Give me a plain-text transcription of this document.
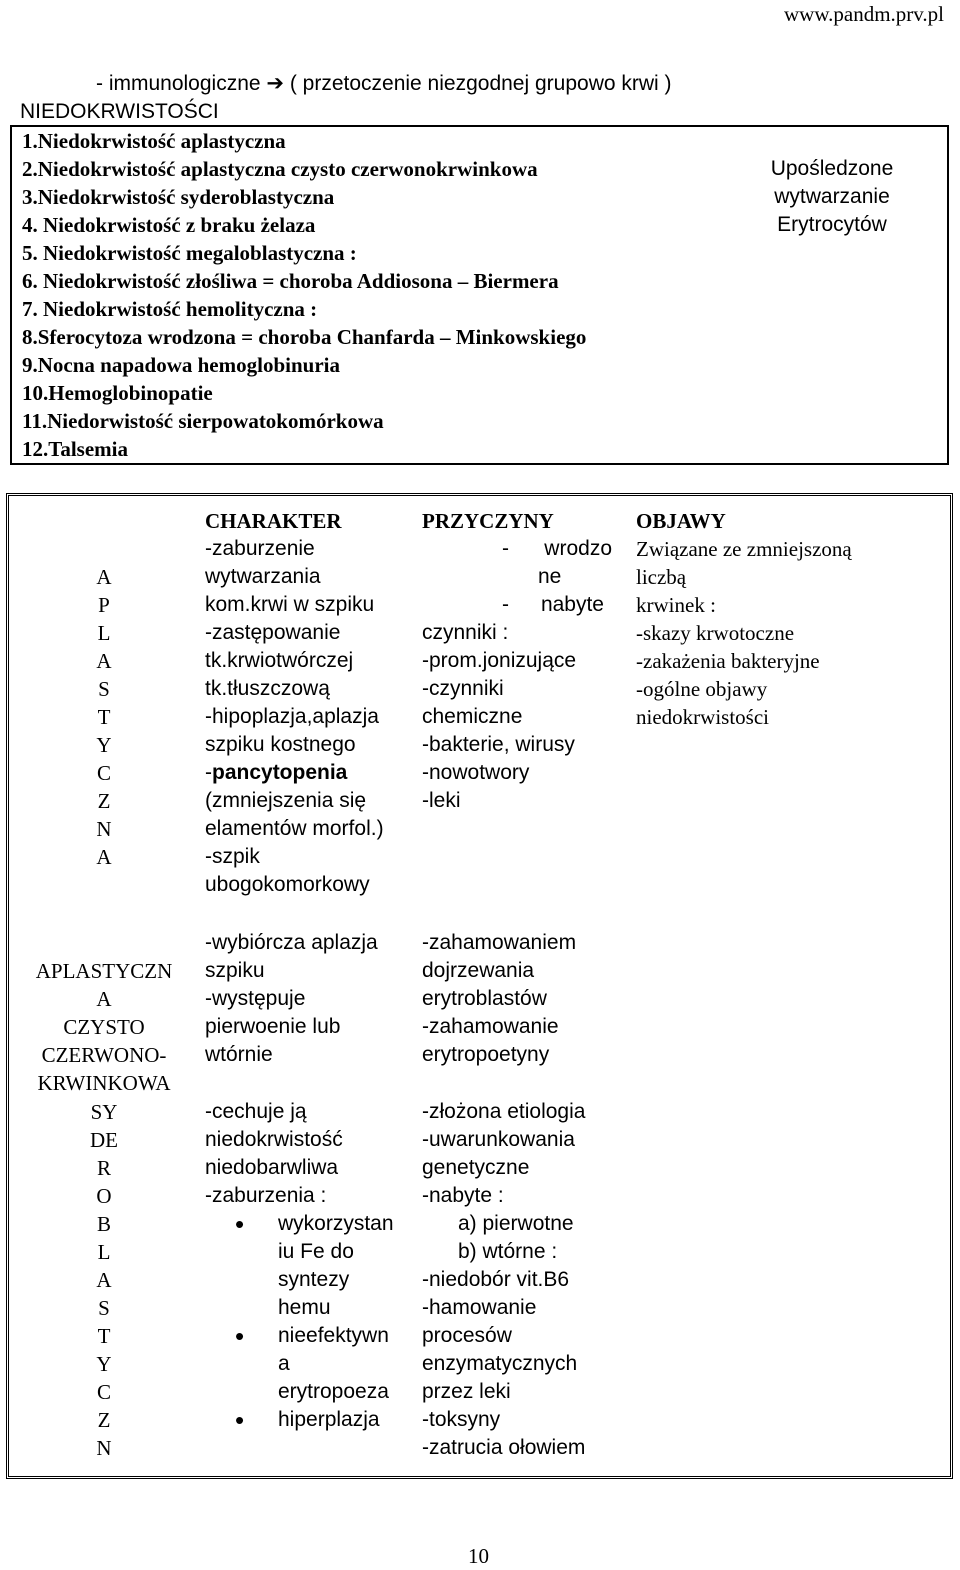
www.pandm.prv.pl
- immunologiczne ➔ ( przetoczenie niezgodnej grupowo krwi )
NIEDOKRWISTOŚCI
1.Niedokrwistość aplastyczna
2.Niedokrwistość aplastyczna czysto czerwonokrwinkowa
3.Niedokrwistość syderoblastyczna
4. Niedokrwistość z braku żelaza
5. Niedokrwistość megaloblastyczna :
6. Niedokrwistość złośliwa = choroba Addiosona – Biermera
7. Niedokrwistość hemolityczna :
8.Sferocytoza wrodzona = choroba Chanfarda – Minkowskiego
9.Nocna napadowa hemoglobinuria
10.Hemoglobinopatie
11.Niedorwistość sierpowatokomórkowa
12.Talsemia
Upośledzone
wytwarzanie
Erytrocytów
CHARAKTER	PRZYCZYNY	OBJAWY
A
P
L
A
S
T
Y
C
Z
N
A
-zaburzenie
wytwarzania
kom.krwi w szpiku
-zastępowanie
tk.krwiotwórczej
tk.tłuszczową
-hipoplazja,aplazja
szpiku kostnego
-pancytopenia
(zmniejszenia się
elamentów morfol.)
-szpik
ubogokomorkowy
- wrodzo
ne
- nabyte
czynniki :
-prom.jonizujące
-czynniki
chemiczne
-bakterie, wirusy
-nowotwory
-leki
Związane ze zmniejszoną
liczbą
krwinek :
-skazy krwotoczne
-zakażenia bakteryjne
-ogólne objawy
niedokrwistości
APLASTYCZN
A
CZYSTO
CZERWONO-
KRWINKOWA
-wybiórcza aplazja
szpiku
-występuje
pierwoenie lub
wtórnie
-zahamowaniem
dojrzewania
erytroblastów
-zahamowanie
erytropoetyny
SY
DE
R
O
B
L
A
S
T
Y
C
Z
N
-cechuje ją
niedokrwistość
niedobarwliwa
-zaburzenia :
• wykorzystan
iu Fe do
syntezy
hemu
• nieefektywn
a
erytropoeza
• hiperplazja
-złożona etiologia
-uwarunkowania
genetyczne
-nabyte :
a) pierwotne
b) wtórne :
-niedobór vit.B6
-hamowanie
procesów
enzymatycznych
przez leki
-toksyny
-zatrucia ołowiem
10
